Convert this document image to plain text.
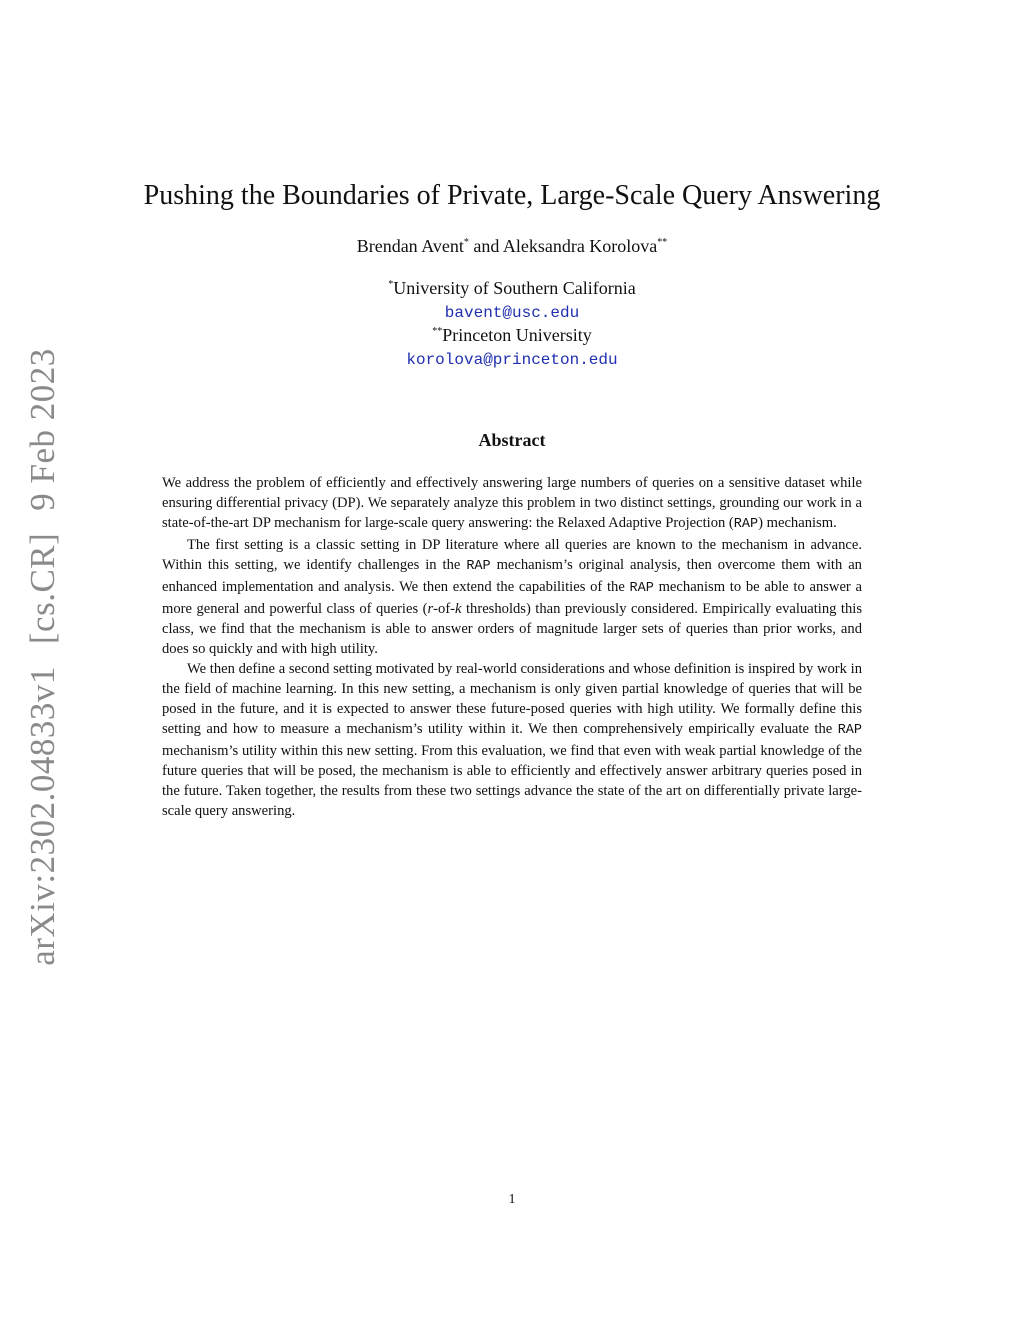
arXiv:2302.04833v1[cs.CR]9 Feb 2023
Pushing the Boundaries of Private, Large-Scale Query Answering
Brendan Avent* and Aleksandra Korolova**
*University of Southern California
bavent@usc.edu
**Princeton University
korolova@princeton.edu
Abstract

We address the problem of efficiently and effectively answering large numbers of queries on a sensitive dataset while ensuring differential privacy (DP). We separately analyze this problem in two distinct settings, grounding our work in a state-of-the-art DP mechanism for large-scale query answering: the Relaxed Adaptive Projection (RAP) mechanism.

The first setting is a classic setting in DP literature where all queries are known to the mechanism in advance. Within this setting, we identify challenges in the RAP mechanism’s original analysis, then overcome them with an enhanced implementation and analysis. We then extend the capabilities of the RAP mechanism to be able to answer a more general and powerful class of queries (r-of-k thresholds) than previously considered. Empirically evaluating this class, we find that the mechanism is able to answer orders of magnitude larger sets of queries than prior works, and does so quickly and with high utility.

We then define a second setting motivated by real-world considerations and whose definition is inspired by work in the field of machine learning. In this new setting, a mechanism is only given partial knowledge of queries that will be posed in the future, and it is expected to answer these future-posed queries with high utility. We formally define this setting and how to measure a mechanism’s utility within it. We then comprehensively empirically evaluate the RAP mechanism’s utility within this new setting. From this evaluation, we find that even with weak partial knowledge of the future queries that will be posed, the mechanism is able to efficiently and effectively answer arbitrary queries posed in the future. Taken together, the results from these two settings advance the state of the art on differentially private large-scale query answering.

1
